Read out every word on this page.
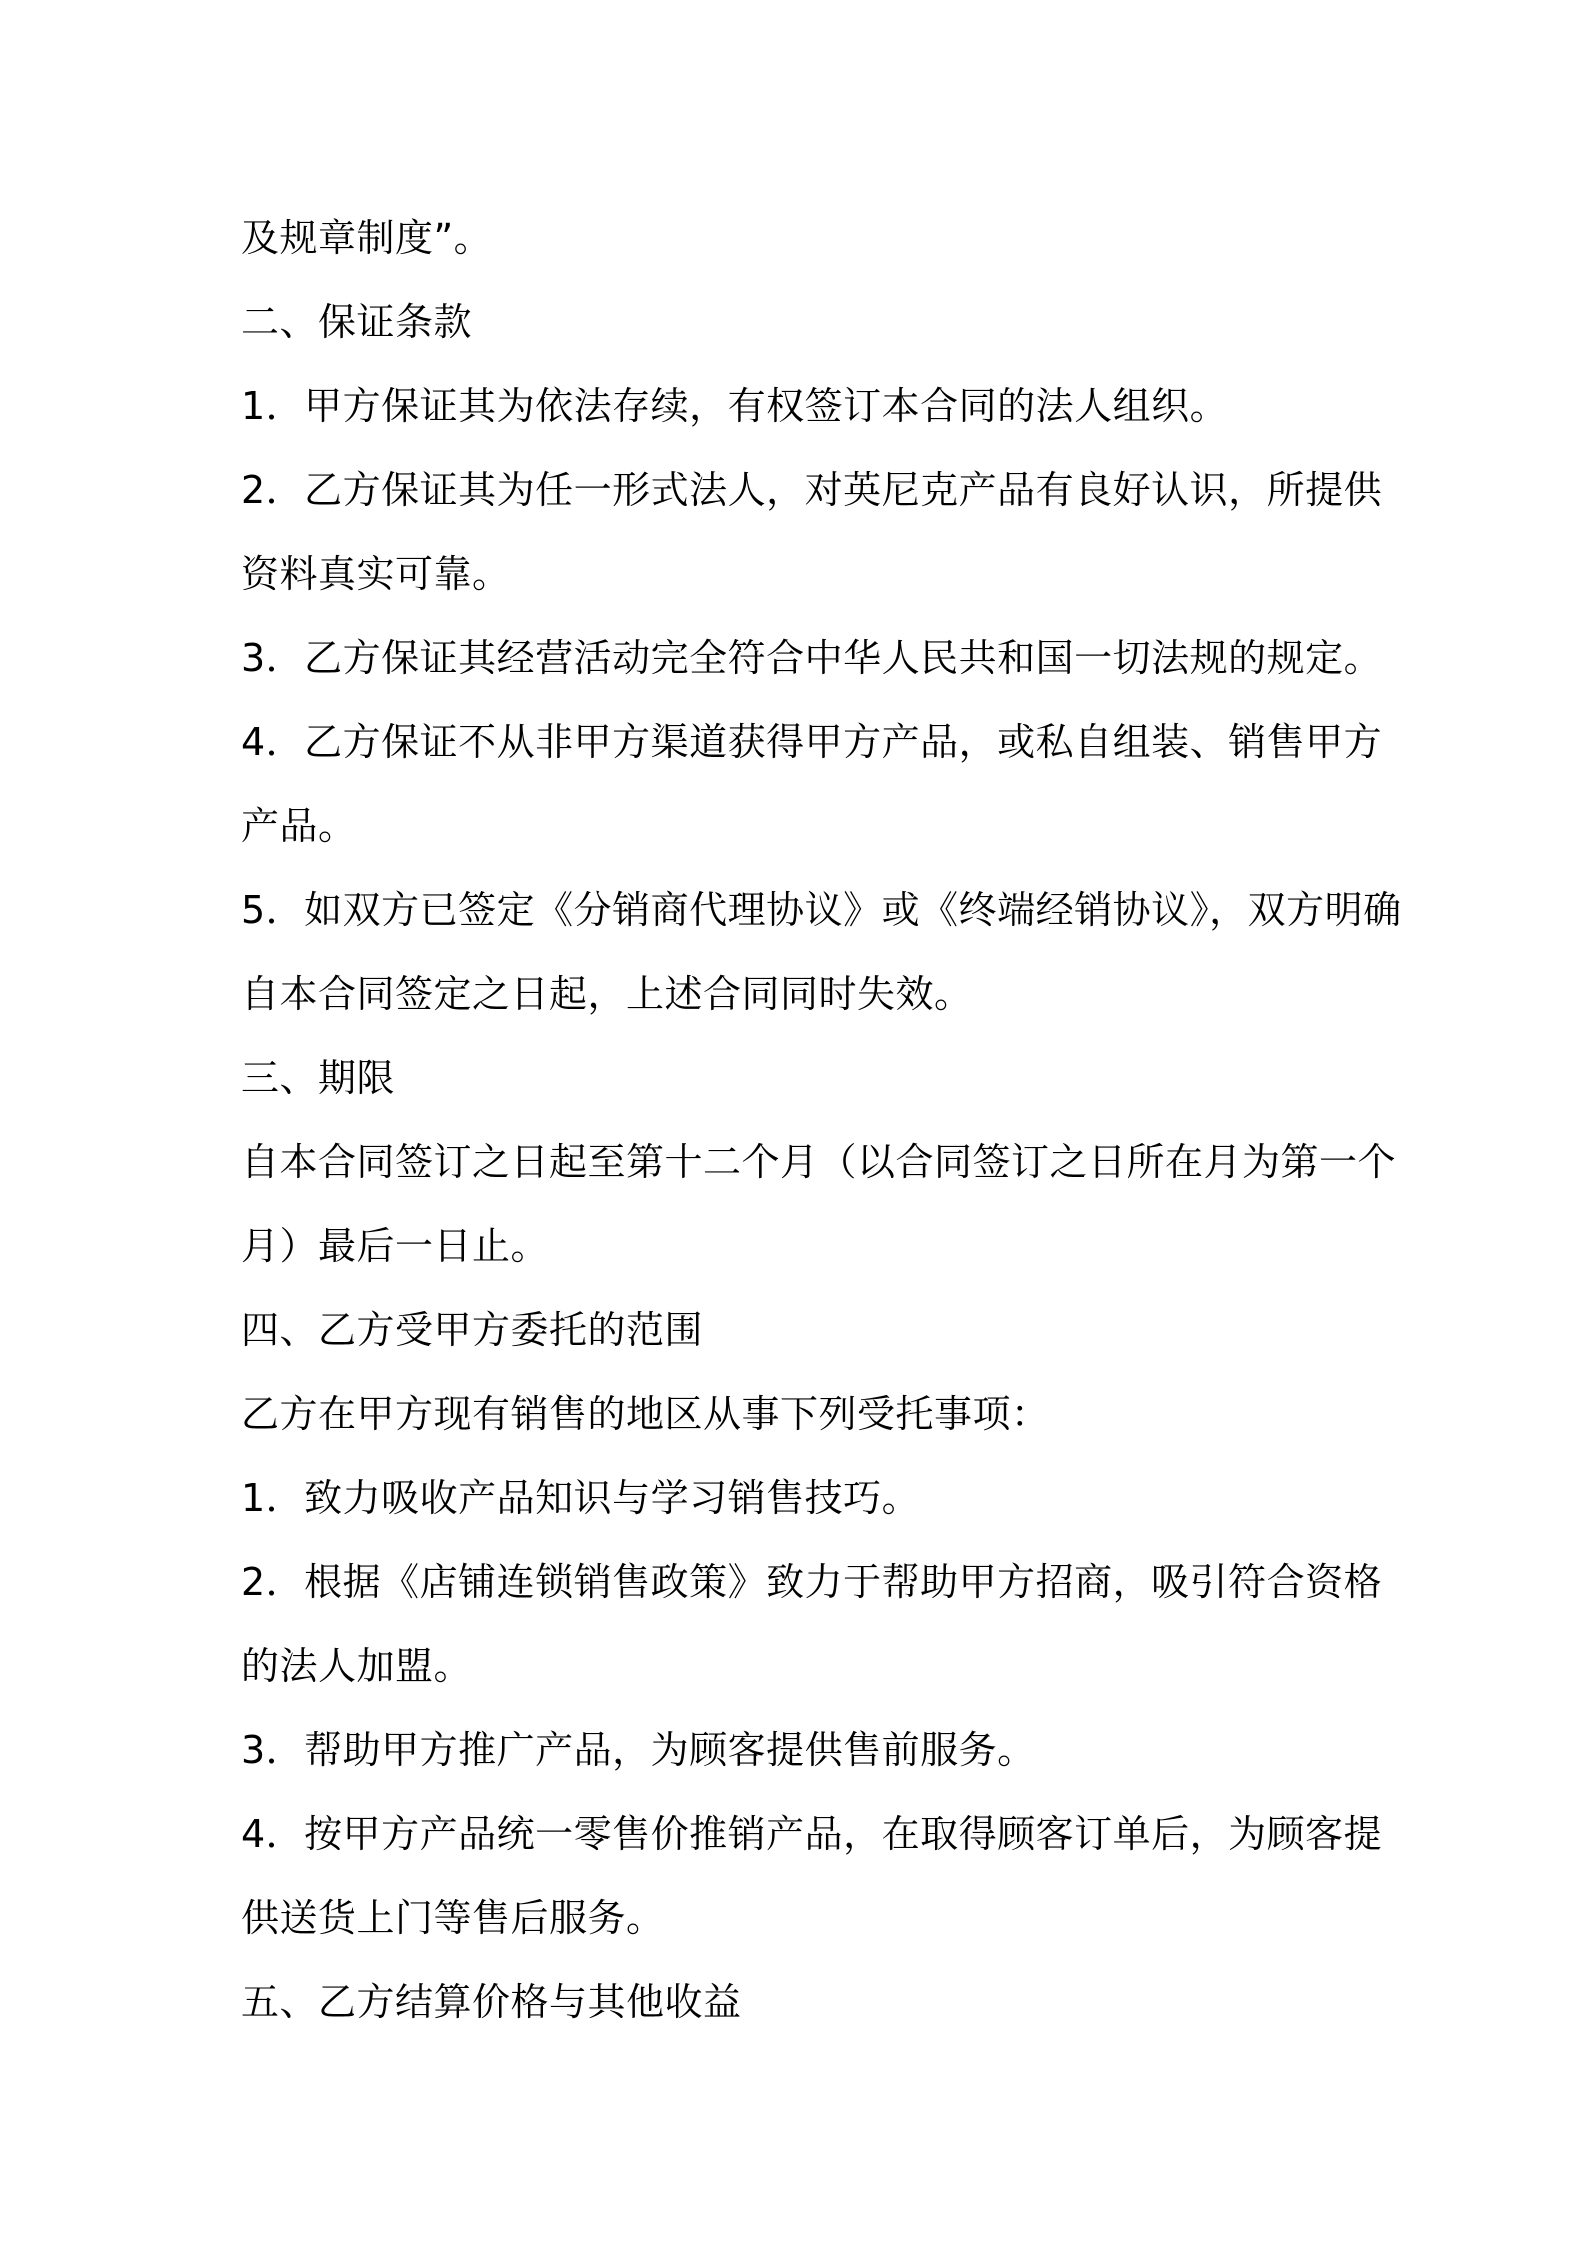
及规章制度”。
二、保证条款
1．甲方保证其为依法存续，有权签订本合同的法人组织。
2．乙方保证其为任一形式法人，对英尼克产品有良好认识，所提供
资料真实可靠。
3．乙方保证其经营活动完全符合中华人民共和国一切法规的规定。
4．乙方保证不从非甲方渠道获得甲方产品，或私自组装、销售甲方
产品。
5．如双方已签定《分销商代理协议》或《终端经销协议》，双方明确
自本合同签定之日起，上述合同同时失效。
三、期限
自本合同签订之日起至第十二个月（以合同签订之日所在月为第一个
月）最后一日止。
四、乙方受甲方委托的范围
乙方在甲方现有销售的地区从事下列受托事项：
1．致力吸收产品知识与学习销售技巧。
2．根据《店铺连锁销售政策》致力于帮助甲方招商，吸引符合资格
的法人加盟。
3．帮助甲方推广产品，为顾客提供售前服务。
4．按甲方产品统一零售价推销产品，在取得顾客订单后，为顾客提
供送货上门等售后服务。
五、乙方结算价格与其他收益
